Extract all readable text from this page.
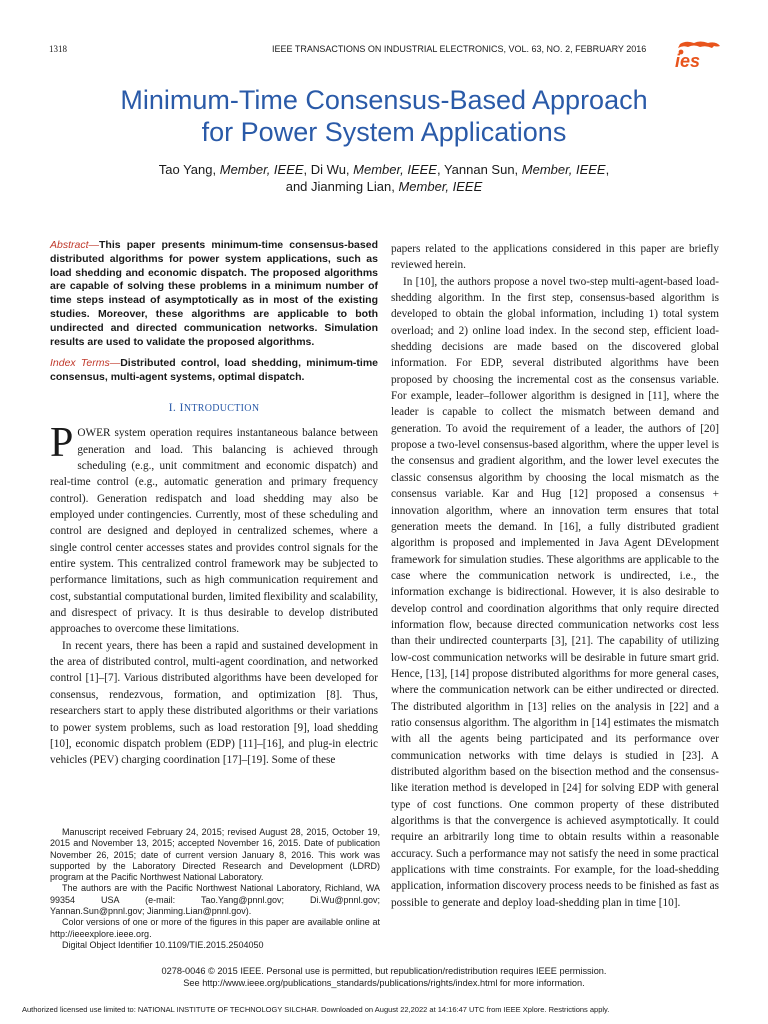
1318	IEEE TRANSACTIONS ON INDUSTRIAL ELECTRONICS, VOL. 63, NO. 2, FEBRUARY 2016
ies
Minimum-Time Consensus-Based Approach
for Power System Applications
Tao Yang, Member, IEEE, Di Wu, Member, IEEE, Yannan Sun, Member, IEEE,
and Jianming Lian, Member, IEEE

Abstract—This paper presents minimum-time consensus-based distributed algorithms for power system applications, such as load shedding and economic dispatch. The proposed algorithms are capable of solving these problems in a minimum number of time steps instead of asymptotically as in most of the existing studies. Moreover, these algorithms are applicable to both undirected and directed communication networks. Simulation results are used to validate the proposed algorithms.

Index Terms—Distributed control, load shedding, minimum-time consensus, multi-agent systems, optimal dispatch.

I. INTRODUCTION

POWER system operation requires instantaneous balance between generation and load. This balancing is achieved through scheduling (e.g., unit commitment and economic dispatch) and real-time control (e.g., automatic generation and primary frequency control). Generation redispatch and load shedding may also be employed under contingencies. Currently, most of these scheduling and control are designed and deployed in centralized schemes, where a single control center accesses states and provides control signals for the entire system. This centralized control framework may be subjected to performance limitations, such as high communication requirement and cost, substantial computational burden, limited flexibility and scalability, and disrespect of privacy. It is thus desirable to develop distributed approaches to overcome these limitations.

In recent years, there has been a rapid and sustained development in the area of distributed control, multi-agent coordination, and networked control [1]–[7]. Various distributed algorithms have been developed for consensus, rendezvous, formation, and optimization [8]. Thus, researchers start to apply these distributed algorithms or their variations to power system problems, such as load restoration [9], load shedding [10], economic dispatch problem (EDP) [11]–[16], and plug-in electric vehicles (PEV) charging coordination [17]–[19]. Some of these

Manuscript received February 24, 2015; revised August 28, 2015, October 19, 2015 and November 13, 2015; accepted November 16, 2015. Date of publication November 26, 2015; date of current version January 8, 2016. This work was supported by the Laboratory Directed Research and Development (LDRD) program at the Pacific Northwest National Laboratory.

The authors are with the Pacific Northwest National Laboratory, Richland, WA 99354 USA (e-mail: Tao.Yang@pnnl.gov; Di.Wu@pnnl.gov; Yannan.Sun@pnnl.gov; Jianming.Lian@pnnl.gov).

Color versions of one or more of the figures in this paper are available online at http://ieeexplore.ieee.org.

Digital Object Identifier 10.1109/TIE.2015.2504050

papers related to the applications considered in this paper are briefly reviewed herein.

In [10], the authors propose a novel two-step multi-agent-based load-shedding algorithm. In the first step, consensus-based algorithm is developed to obtain the global information, including 1) total system overload; and 2) online load index. In the second step, efficient load-shedding decisions are made based on the discovered global information. For EDP, several distributed algorithms have been proposed by choosing the incremental cost as the consensus variable. For example, leader–follower algorithm is designed in [11], where the leader is capable to collect the mismatch between demand and generation. To avoid the requirement of a leader, the authors of [20] propose a two-level consensus-based algorithm, where the upper level is the consensus and gradient algorithm, and the lower level executes the classic consensus algorithm by choosing the local mismatch as the consensus variable. Kar and Hug [12] proposed a consensus + innovation algorithm, where an innovation term ensures that total generation meets the demand. In [16], a fully distributed gradient algorithm is proposed and implemented in Java Agent DEvelopment framework for simulation studies. These algorithms are applicable to the case where the communication network is undirected, i.e., the information exchange is bidirectional. However, it is also desirable to develop control and coordination algorithms that only require directed information flow, because directed communication networks cost less than their undirected counterparts [3], [21]. The capability of utilizing low-cost communication networks will be desirable in future smart grid. Hence, [13], [14] propose distributed algorithms for more general cases, where the communication network can be either undirected or directed. The distributed algorithm in [13] relies on the analysis in [22] and a ratio consensus algorithm. The algorithm in [14] estimates the mismatch with all the agents being participated and its performance over communication networks with time delays is studied in [23]. A distributed algorithm based on the bisection method and the consensus-like iteration method is developed in [24] for solving EDP with general type of cost functions. One common property of these distributed algorithms is that the convergence is achieved asymptotically. It could require an arbitrarily long time to obtain results within a reasonable accuracy. Such a performance may not satisfy the need in some practical applications with time constraints. For example, for the load-shedding application, information discovery process needs to be finished as fast as possible to generate and deploy load-shedding plan in time [10].

0278-0046 © 2015 IEEE. Personal use is permitted, but republication/redistribution requires IEEE permission.
See http://www.ieee.org/publications_standards/publications/rights/index.html for more information.
Authorized licensed use limited to: NATIONAL INSTITUTE OF TECHNOLOGY SILCHAR. Downloaded on August 22,2022 at 14:16:47 UTC from IEEE Xplore. Restrictions apply.
